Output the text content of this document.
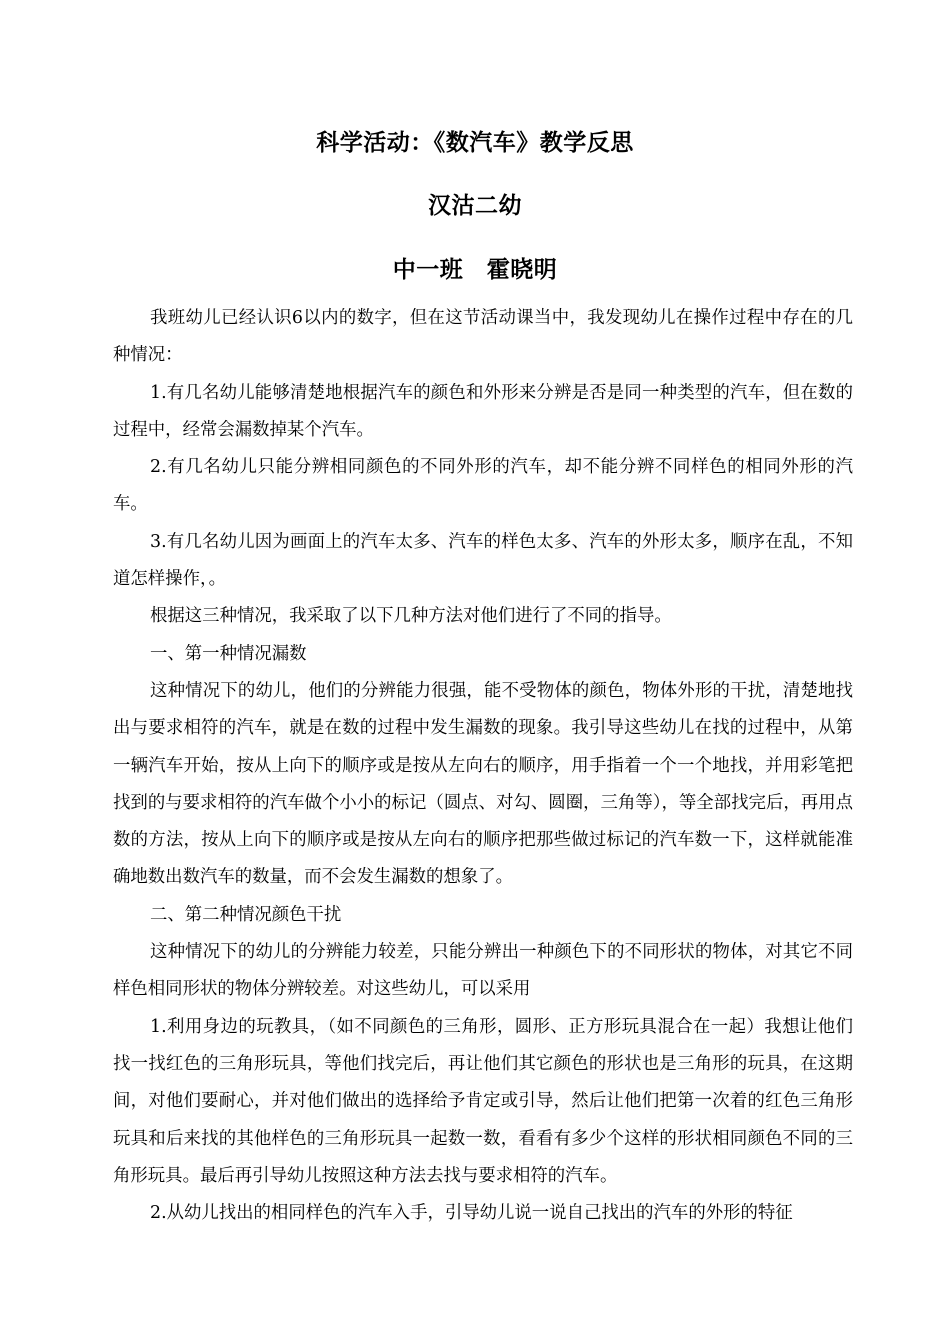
科学活动：《数汽车》教学反思
汉沽二幼
中一班　霍晓明

我班幼儿已经认识6以内的数字，但在这节活动课当中，我发现幼儿在操作过程中存在的几种情况：

1.有几名幼儿能够清楚地根据汽车的颜色和外形来分辨是否是同一种类型的汽车，但在数的过程中，经常会漏数掉某个汽车。

2.有几名幼儿只能分辨相同颜色的不同外形的汽车，却不能分辨不同样色的相同外形的汽车。

3.有几名幼儿因为画面上的汽车太多、汽车的样色太多、汽车的外形太多，顺序在乱，不知道怎样操作，。

根据这三种情况，我采取了以下几种方法对他们进行了不同的指导。

一、第一种情况漏数

这种情况下的幼儿，他们的分辨能力很强，能不受物体的颜色，物体外形的干扰，清楚地找出与要求相符的汽车，就是在数的过程中发生漏数的现象。我引导这些幼儿在找的过程中，从第一辆汽车开始，按从上向下的顺序或是按从左向右的顺序，用手指着一个一个地找，并用彩笔把找到的与要求相符的汽车做个小小的标记（圆点、对勾、圆圈，三角等），等全部找完后，再用点数的方法，按从上向下的顺序或是按从左向右的顺序把那些做过标记的汽车数一下，这样就能准确地数出数汽车的数量，而不会发生漏数的想象了。

二、第二种情况颜色干扰

这种情况下的幼儿的分辨能力较差，只能分辨出一种颜色下的不同形状的物体，对其它不同样色相同形状的物体分辨较差。对这些幼儿，可以采用

1.利用身边的玩教具，（如不同颜色的三角形，圆形、正方形玩具混合在一起）我想让他们找一找红色的三角形玩具，等他们找完后，再让他们其它颜色的形状也是三角形的玩具，在这期间，对他们要耐心，并对他们做出的选择给予肯定或引导，然后让他们把第一次着的红色三角形玩具和后来找的其他样色的三角形玩具一起数一数，看看有多少个这样的形状相同颜色不同的三角形玩具。最后再引导幼儿按照这种方法去找与要求相符的汽车。

2.从幼儿找出的相同样色的汽车入手，引导幼儿说一说自己找出的汽车的外形的特征
